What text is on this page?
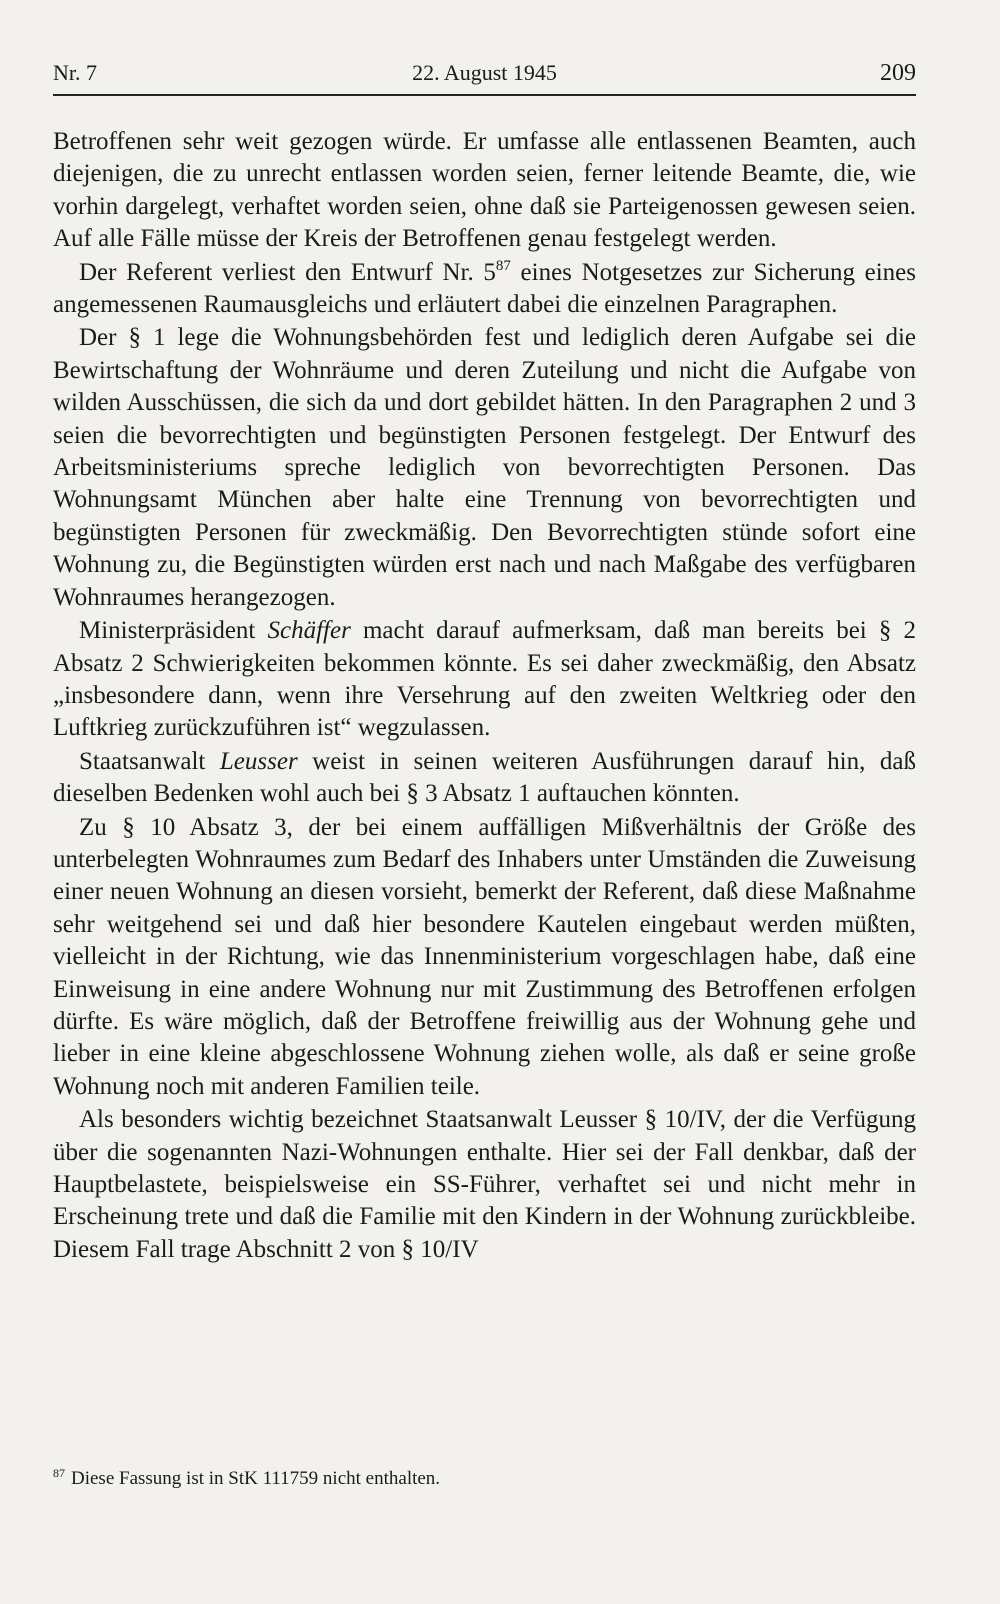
Nr. 7	22. August 1945	209

Betroffenen sehr weit gezogen würde. Er umfasse alle entlassenen Beamten, auch diejenigen, die zu unrecht entlassen worden seien, ferner leitende Beamte, die, wie vorhin dargelegt, verhaftet worden seien, ohne daß sie Parteigenossen gewesen seien. Auf alle Fälle müsse der Kreis der Betroffenen genau festgelegt werden.

Der Referent verliest den Entwurf Nr. 5$^{87}$ eines Notgesetzes zur Sicherung eines angemessenen Raumausgleichs und erläutert dabei die einzelnen Paragraphen.

Der § 1 lege die Wohnungsbehörden fest und lediglich deren Aufgabe sei die Bewirtschaftung der Wohnräume und deren Zuteilung und nicht die Aufgabe von wilden Ausschüssen, die sich da und dort gebildet hätten. In den Paragraphen 2 und 3 seien die bevorrechtigten und begünstigten Personen festgelegt. Der Entwurf des Arbeitsministeriums spreche lediglich von bevorrechtigten Personen. Das Wohnungsamt München aber halte eine Trennung von bevorrechtigten und begünstigten Personen für zweckmäßig. Den Bevorrechtigten stünde sofort eine Wohnung zu, die Begünstigten würden erst nach und nach Maßgabe des verfügbaren Wohnraumes herangezogen.

Ministerpräsident Schäffer macht darauf aufmerksam, daß man bereits bei § 2 Absatz 2 Schwierigkeiten bekommen könnte. Es sei daher zweckmäßig, den Absatz „insbesondere dann, wenn ihre Versehrung auf den zweiten Weltkrieg oder den Luftkrieg zurückzuführen ist“ wegzulassen.

Staatsanwalt Leusser weist in seinen weiteren Ausführungen darauf hin, daß dieselben Bedenken wohl auch bei § 3 Absatz 1 auftauchen könnten.

Zu § 10 Absatz 3, der bei einem auffälligen Mißverhältnis der Größe des unterbelegten Wohnraumes zum Bedarf des Inhabers unter Umständen die Zuweisung einer neuen Wohnung an diesen vorsieht, bemerkt der Referent, daß diese Maßnahme sehr weitgehend sei und daß hier besondere Kautelen eingebaut werden müßten, vielleicht in der Richtung, wie das Innenministerium vorgeschlagen habe, daß eine Einweisung in eine andere Wohnung nur mit Zustimmung des Betroffenen erfolgen dürfte. Es wäre möglich, daß der Betroffene freiwillig aus der Wohnung gehe und lieber in eine kleine abgeschlossene Wohnung ziehen wolle, als daß er seine große Wohnung noch mit anderen Familien teile.

Als besonders wichtig bezeichnet Staatsanwalt Leusser § 10/IV, der die Verfügung über die sogenannten Nazi-Wohnungen enthalte. Hier sei der Fall denkbar, daß der Hauptbelastete, beispielsweise ein SS-Führer, verhaftet sei und nicht mehr in Erscheinung trete und daß die Familie mit den Kindern in der Wohnung zurückbleibe. Diesem Fall trage Abschnitt 2 von § 10/IV

$^{87}$ Diese Fassung ist in StK 111759 nicht enthalten.
